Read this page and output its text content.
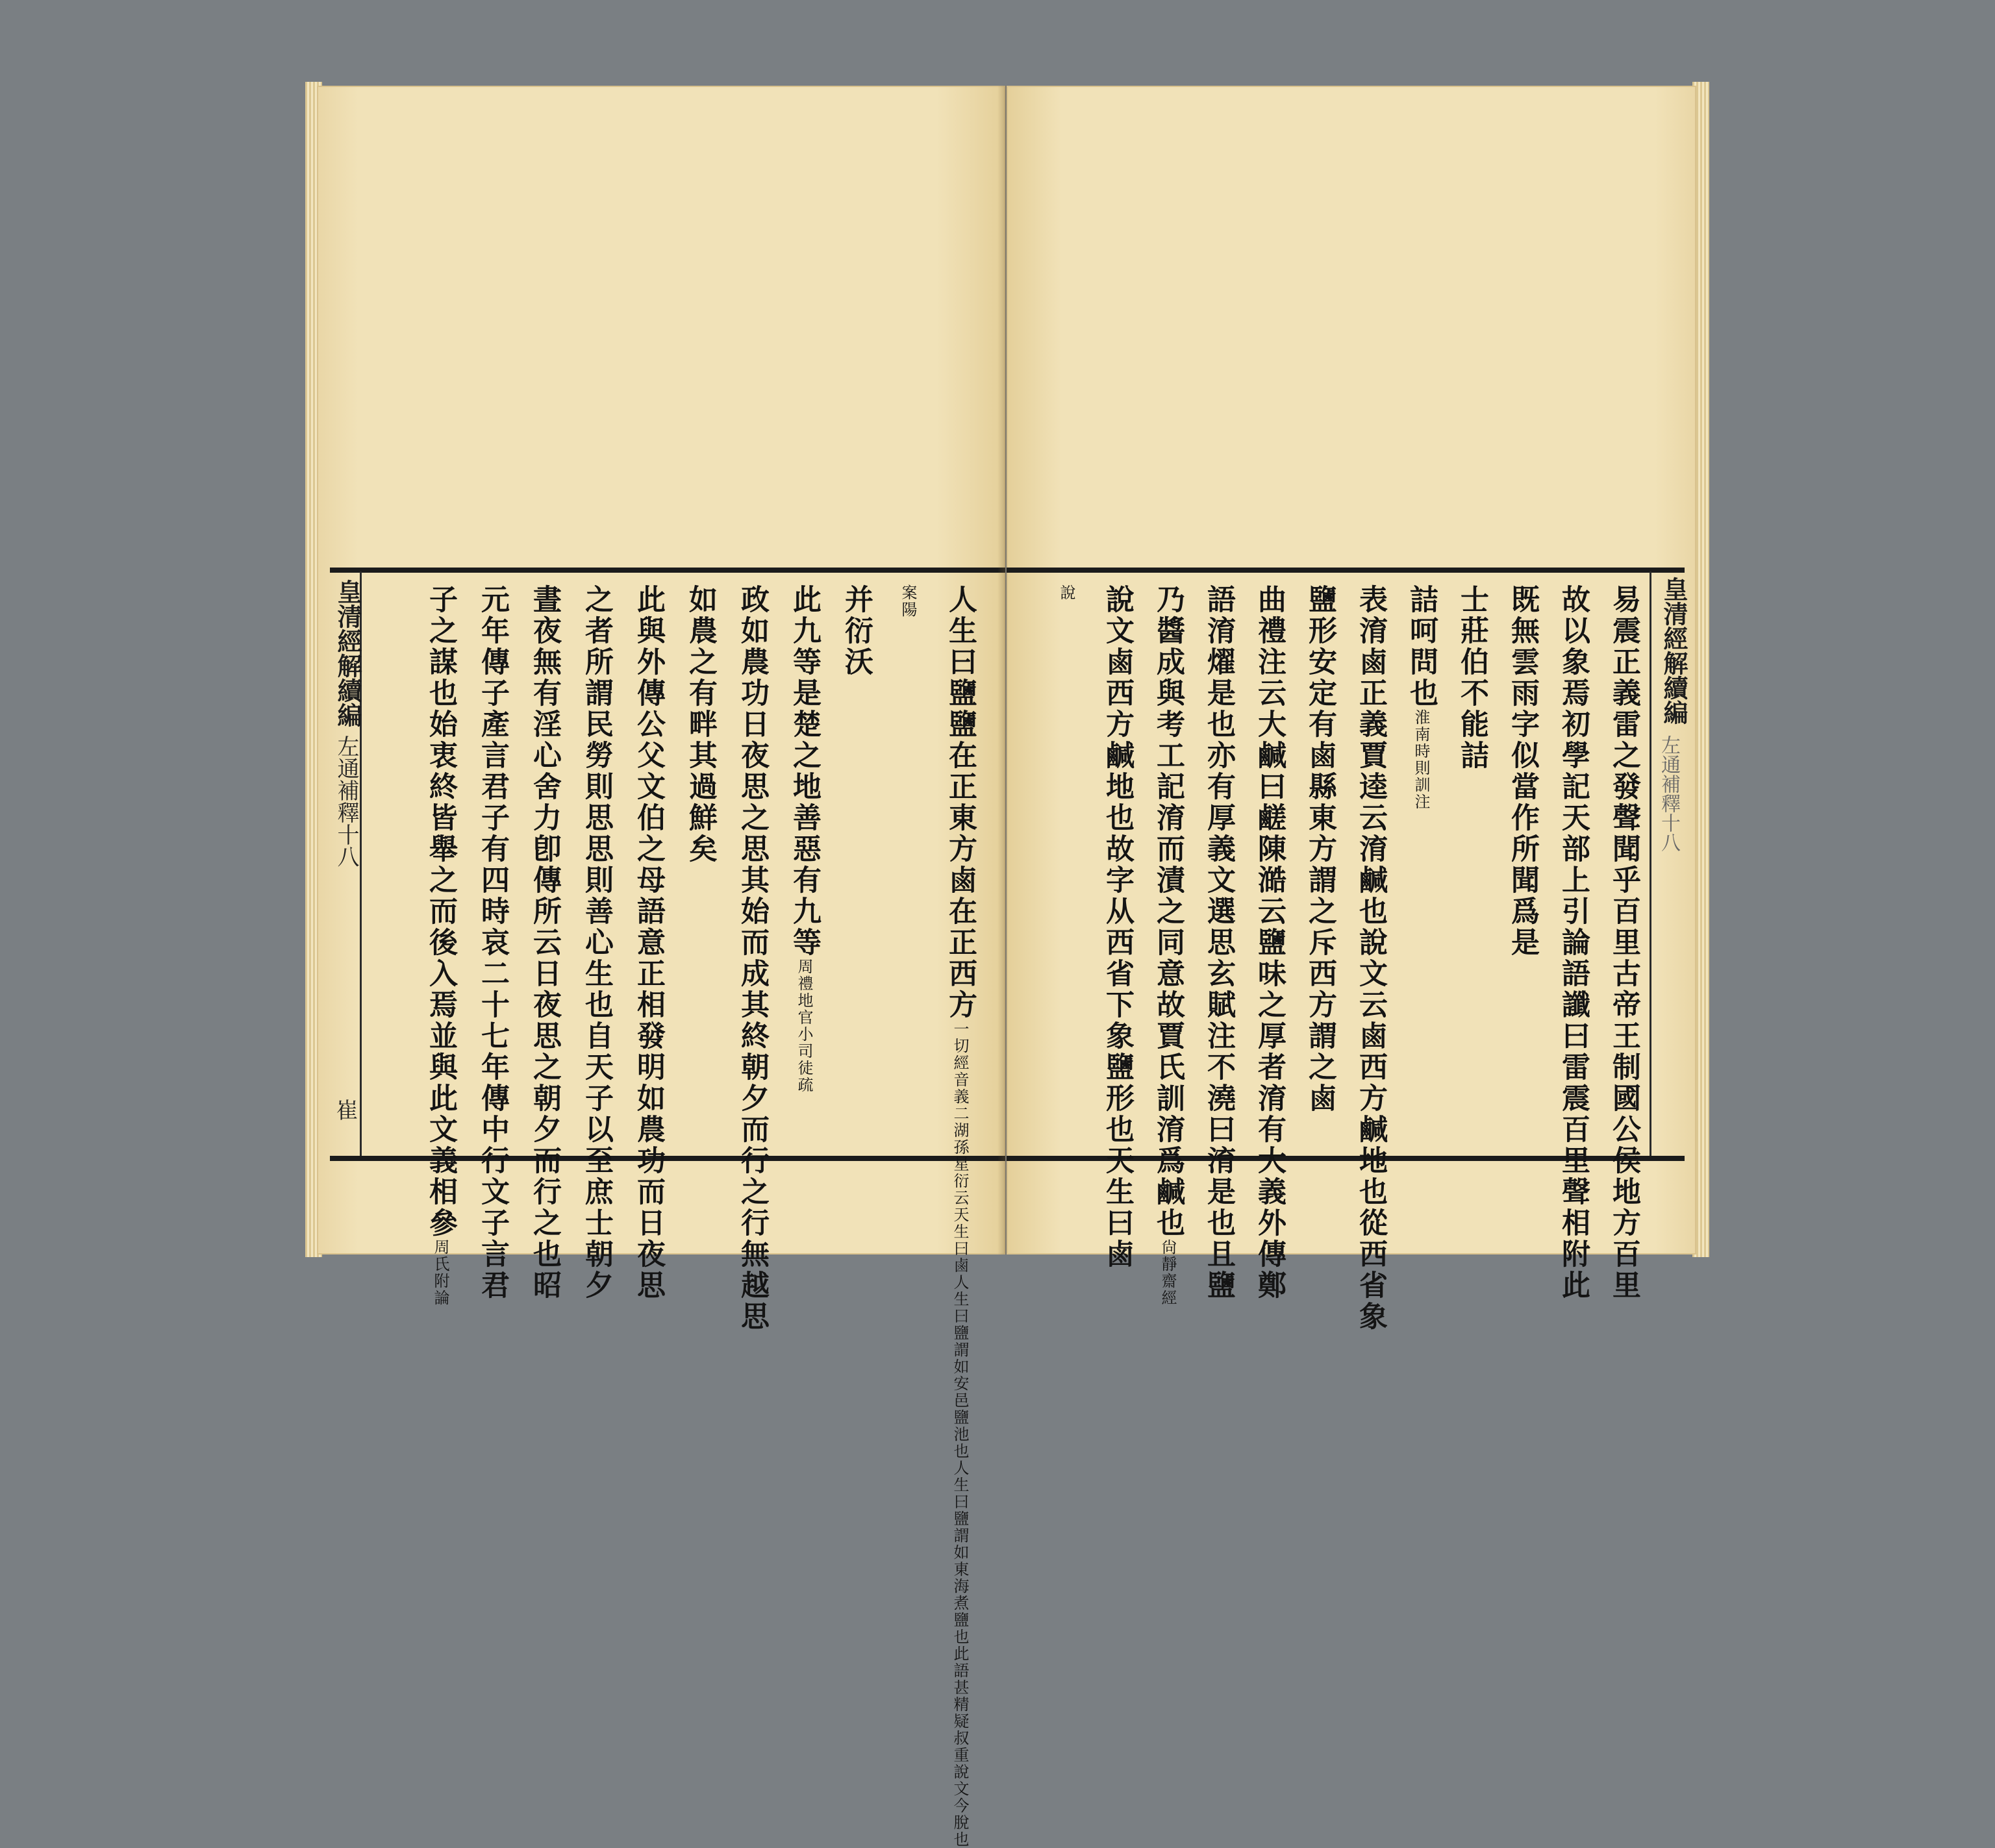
皇清經解續編
左通補釋十八
崔
人生曰鹽鹽在正東方鹵在正西方一切經音義二湖孫星衍云天生曰鹵人生曰鹽謂如安邑鹽池也人生曰鹽謂如東海煮鹽也此語甚精疑叔重說文今脫也
案陽
并衍沃
此九等是楚之地善惡有九等周禮地官小司徒疏
政如農功日夜思之思其始而成其終朝夕而行之行無越思
如農之有畔其過鮮矣
此與外傳公父文伯之母語意正相發明如農功而日夜思
之者所謂民勞則思思則善心生也自天子以至庶士朝夕
晝夜無有淫心舍力卽傳所云日夜思之朝夕而行之也昭
元年傳子產言君子有四時哀二十七年傳中行文子言君
子之謀也始衷終皆舉之而後入焉並與此文義相參周氏附論
皇清經解續編
左通補釋十八
易震正義雷之發聲聞乎百里古帝王制國公侯地方百里
故以象焉初學記天部上引論語讖曰雷震百里聲相附此
既無雲雨字似當作所聞爲是
士莊伯不能詰
詰呵問也淮南時則訓注
表淯鹵正義賈逵云淯鹹也說文云鹵西方鹹地也從西省象
鹽形安定有鹵縣東方謂之斥西方謂之鹵
曲禮注云大鹹曰鹺陳澔云鹽味之厚者淯有大義外傳鄭
語淯燿是也亦有厚義文選思玄賦注不澆曰淯是也且鹽
乃醬成與考工記淯而漬之同意故賈氏訓淯爲鹹也尙靜齋經
說文鹵西方鹹地也故字从西省下象鹽形也天生曰鹵
說
